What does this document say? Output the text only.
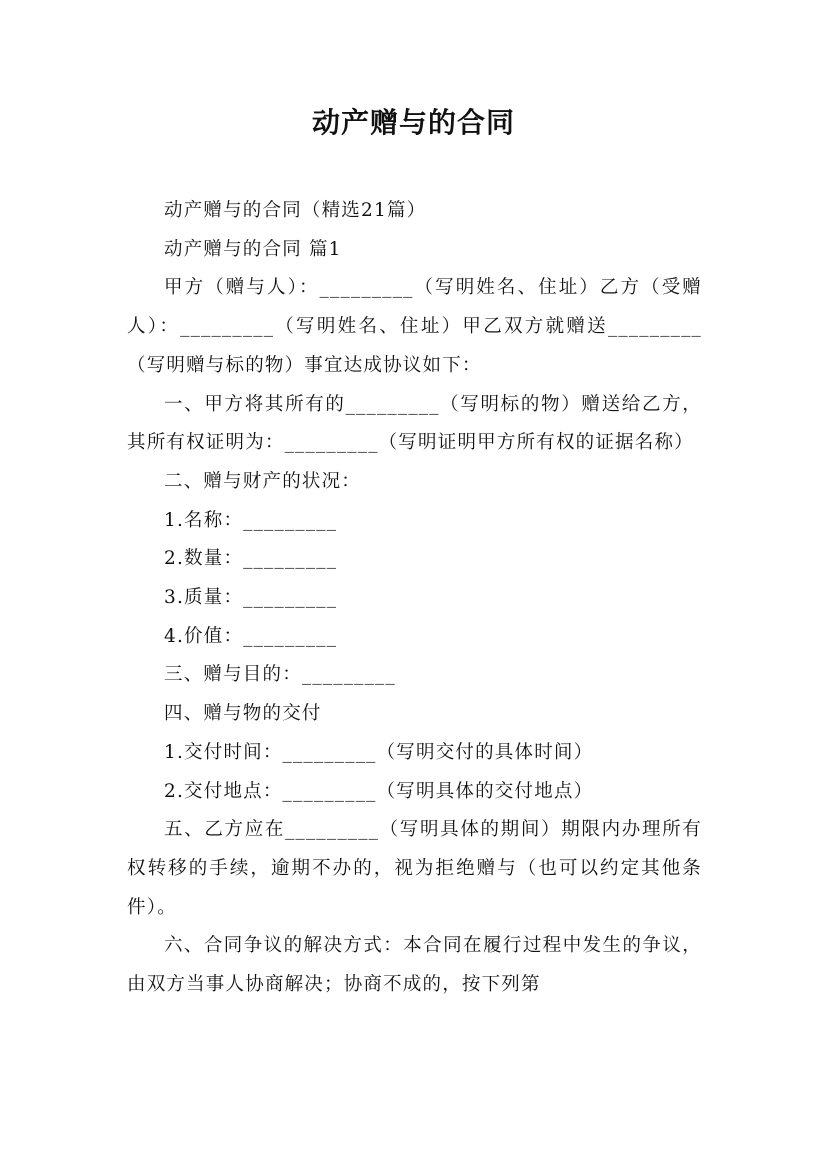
动产赠与的合同

动产赠与的合同（精选21篇）

动产赠与的合同 篇1

甲方（赠与人）：_________（写明姓名、住址）乙方（受赠人）：_________（写明姓名、住址）甲乙双方就赠送_________（写明赠与标的物）事宜达成协议如下：

一、甲方将其所有的_________（写明标的物）赠送给乙方，其所有权证明为：_________（写明证明甲方所有权的证据名称）

二、赠与财产的状况：

1.名称：_________

2.数量：_________

3.质量：_________

4.价值：_________

三、赠与目的：_________

四、赠与物的交付

1.交付时间：_________（写明交付的具体时间）

2.交付地点：_________（写明具体的交付地点）

五、乙方应在_________（写明具体的期间）期限内办理所有权转移的手续，逾期不办的，视为拒绝赠与（也可以约定其他条件）。

六、合同争议的解决方式：本合同在履行过程中发生的争议，由双方当事人协商解决；协商不成的，按下列第
